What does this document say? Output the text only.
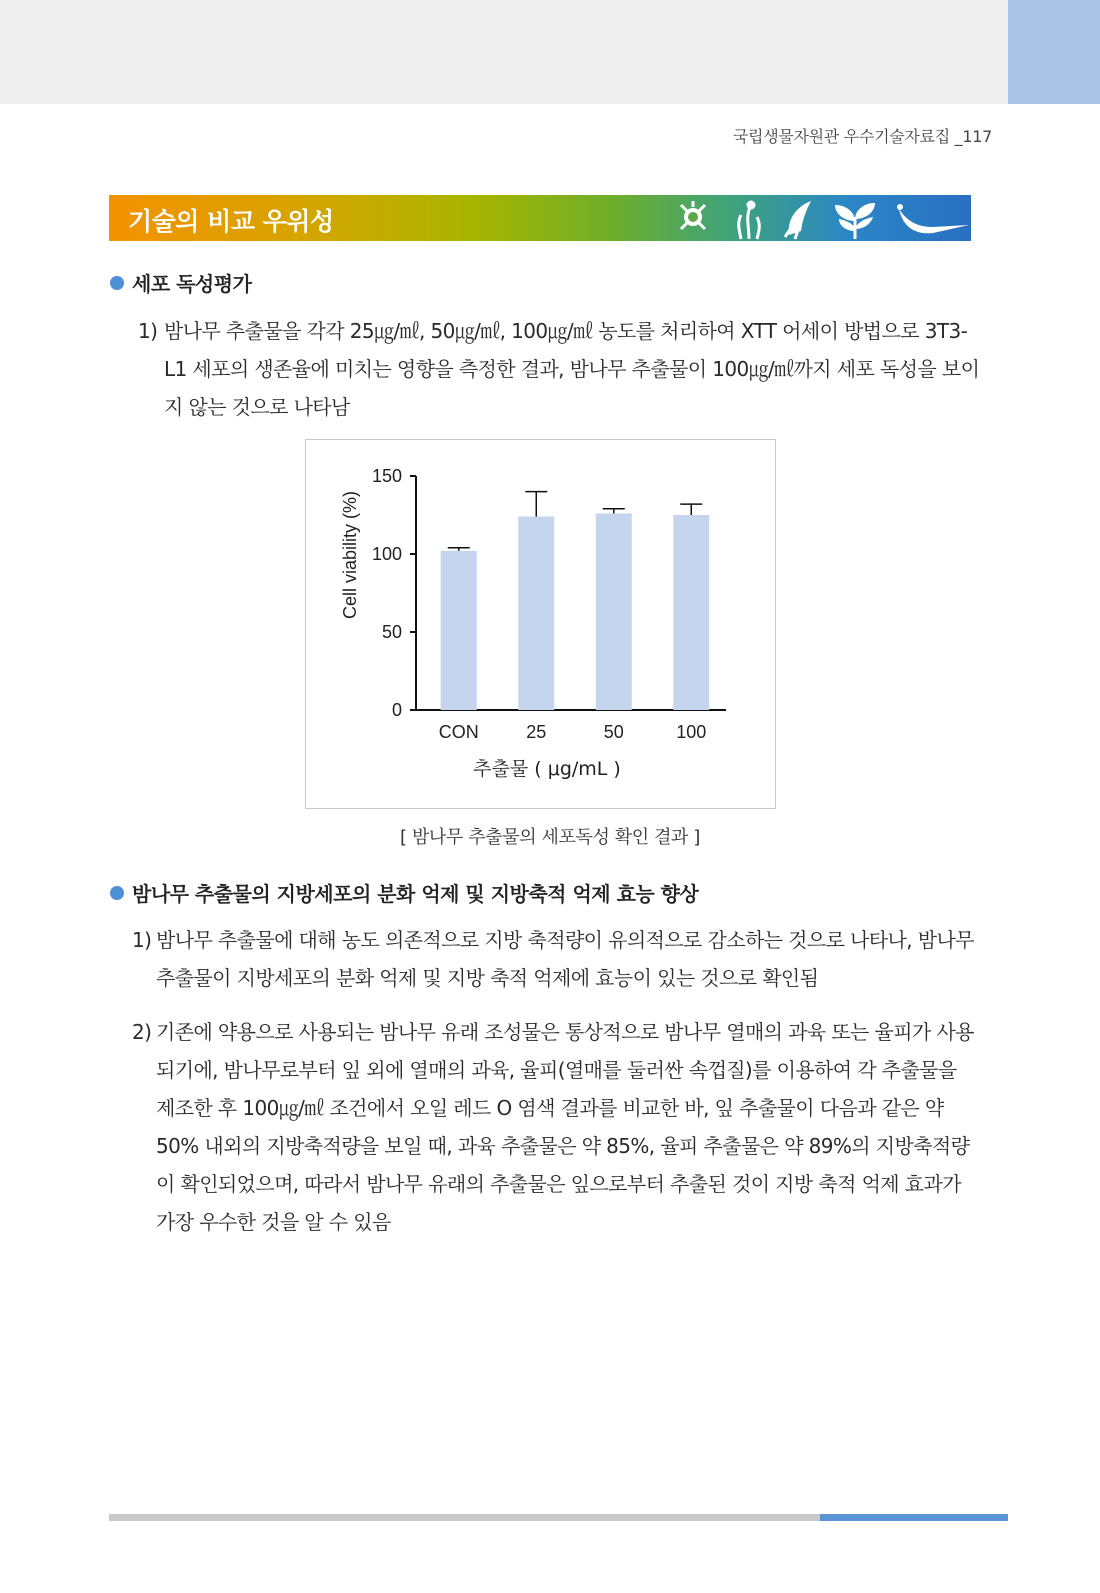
국립생물자원관 우수기술자료집 _117
기술의 비교 우위성
세포 독성평가
1) 밤나무 추출물을 각각 25㎍/㎖, 50㎍/㎖, 100㎍/㎖ 농도를 처리하여 XTT 어세이 방법으로 3T3-L1 세포의 생존율에 미치는 영향을 측정한 결과, 밤나무 추출물이 100㎍/㎖까지 세포 독성을 보이지 않는 것으로 나타남
Cell viability (%)
추출물 ( μg/mL )
0
50
100
150
CON	25	50	100
[ 밤나무 추출물의 세포독성 확인 결과 ]
밤나무 추출물의 지방세포의 분화 억제 및 지방축적 억제 효능 향상
1) 밤나무 추출물에 대해 농도 의존적으로 지방 축적량이 유의적으로 감소하는 것으로 나타나, 밤나무 추출물이 지방세포의 분화 억제 및 지방 축적 억제에 효능이 있는 것으로 확인됨
2) 기존에 약용으로 사용되는 밤나무 유래 조성물은 통상적으로 밤나무 열매의 과육 또는 율피가 사용되기에, 밤나무로부터 잎 외에 열매의 과육, 율피(열매를 둘러싼 속껍질)를 이용하여 각 추출물을 제조한 후 100㎍/㎖ 조건에서 오일 레드 O 염색 결과를 비교한 바, 잎 추출물이 다음과 같은 약 50% 내외의 지방축적량을 보일 때, 과육 추출물은 약 85%, 율피 추출물은 약 89%의 지방축적량이 확인되었으며, 따라서 밤나무 유래의 추출물은 잎으로부터 추출된 것이 지방 축적 억제 효과가 가장 우수한 것을 알 수 있음
